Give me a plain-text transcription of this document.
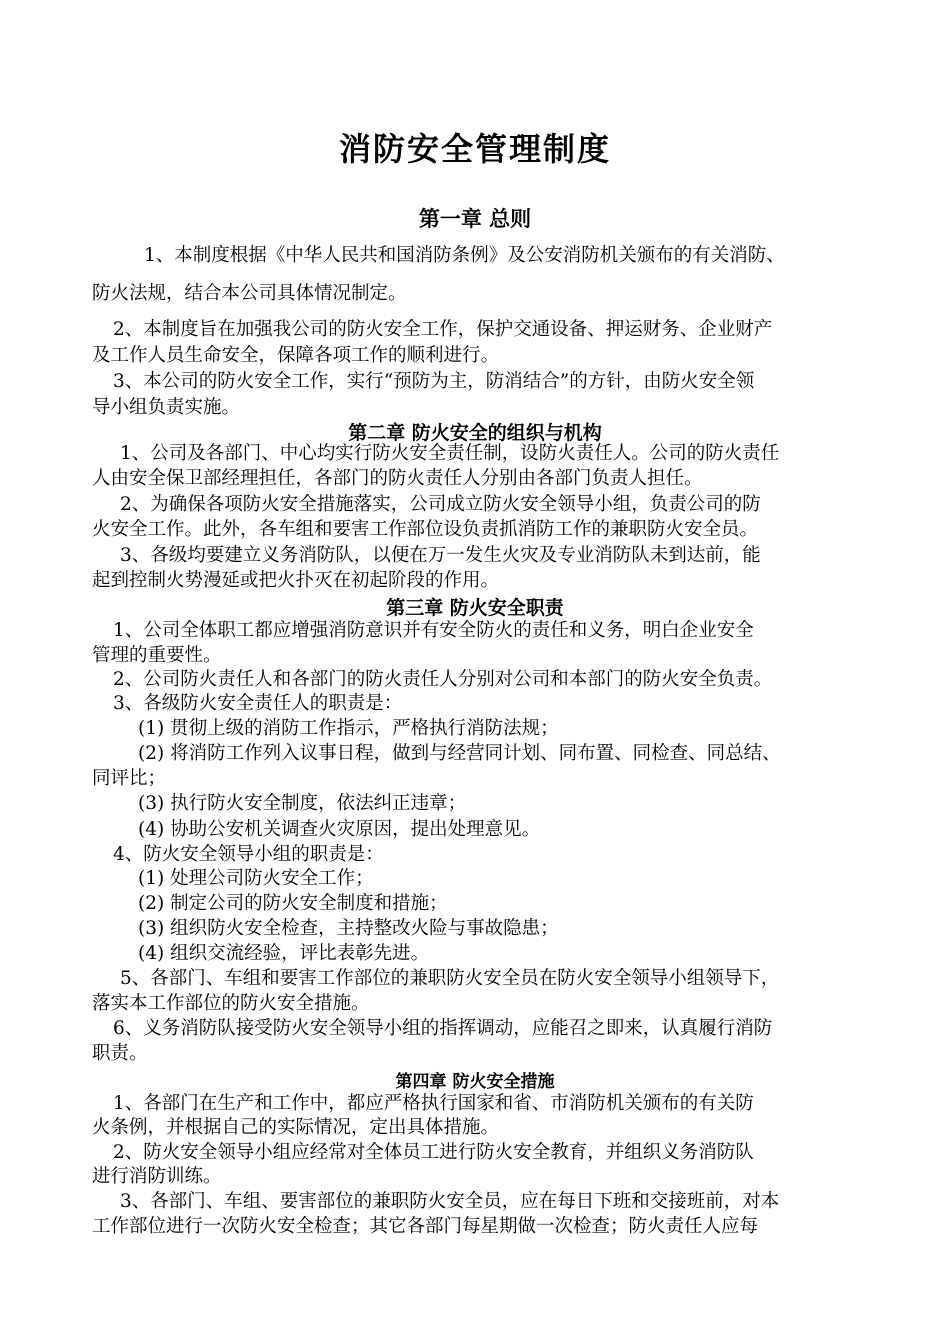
消防安全管理制度
第一章 总则
1、本制度根据《中华人民共和国消防条例》及公安消防机关颁布的有关消防、
防火法规，结合本公司具体情况制定。
2、本制度旨在加强我公司的防火安全工作，保护交通设备、押运财务、企业财产
及工作人员生命安全，保障各项工作的顺利进行。
3、本公司的防火安全工作，实行“预防为主，防消结合”的方针，由防火安全领
导小组负责实施。
第二章 防火安全的组织与机构
1、公司及各部门、中心均实行防火安全责任制，设防火责任人。公司的防火责任
人由安全保卫部经理担任，各部门的防火责任人分别由各部门负责人担任。
2、为确保各项防火安全措施落实，公司成立防火安全领导小组，负责公司的防
火安全工作。此外，各车组和要害工作部位设负责抓消防工作的兼职防火安全员。
3、各级均要建立义务消防队，以便在万一发生火灾及专业消防队未到达前，能
起到控制火势漫延或把火扑灭在初起阶段的作用。
第三章 防火安全职责
1、公司全体职工都应增强消防意识并有安全防火的责任和义务，明白企业安全
管理的重要性。
2、公司防火责任人和各部门的防火责任人分别对公司和本部门的防火安全负责。
3、各级防火安全责任人的职责是：
(1) 贯彻上级的消防工作指示，严格执行消防法规；
(2) 将消防工作列入议事日程，做到与经营同计划、同布置、同检查、同总结、
同评比；
(3) 执行防火安全制度，依法纠正违章；
(4) 协助公安机关调查火灾原因，提出处理意见。
4、防火安全领导小组的职责是：
(1) 处理公司防火安全工作；
(2) 制定公司的防火安全制度和措施；
(3) 组织防火安全检查，主持整改火险与事故隐患；
(4) 组织交流经验，评比表彰先进。
5、各部门、车组和要害工作部位的兼职防火安全员在防火安全领导小组领导下，
落实本工作部位的防火安全措施。
6、义务消防队接受防火安全领导小组的指挥调动，应能召之即来，认真履行消防
职责。
第四章 防火安全措施
1、各部门在生产和工作中，都应严格执行国家和省、市消防机关颁布的有关防
火条例，并根据自己的实际情况，定出具体措施。
2、防火安全领导小组应经常对全体员工进行防火安全教育，并组织义务消防队
进行消防训练。
3、各部门、车组、要害部位的兼职防火安全员，应在每日下班和交接班前，对本
工作部位进行一次防火安全检查；其它各部门每星期做一次检查；防火责任人应每
